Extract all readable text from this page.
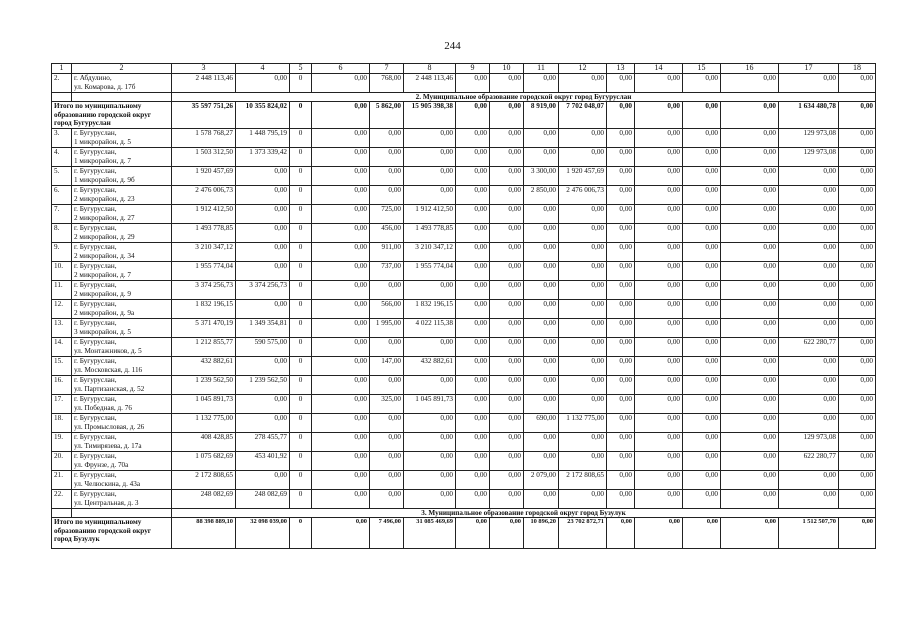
244
1	2	3	4	5	6	7	8	9	10	11	12	13	14	15	16	17	18
2.	г. Абдулино,
ул. Комарова, д. 17б	2 448 113,46	0,00	0	0,00	768,00	2 448 113,46	0,00	0,00	0,00	0,00	0,00	0,00	0,00	0,00	0,00	0,00
		2. Муниципальное образование городской округ город Бугуруслан															
Итого по муниципальному образованию городской округ город Бугуруслан		35 597 751,26	10 355 824,02	0	0,00	5 862,00	15 905 398,38	0,00	0,00	8 919,00	7 702 048,07	0,00	0,00	0,00	0,00	1 634 480,78	0,00
3.	г. Бугуруслан,
1 микрорайон, д. 5	1 578 768,27	1 448 795,19	0	0,00	0,00	0,00	0,00	0,00	0,00	0,00	0,00	0,00	0,00	0,00	129 973,08	0,00
4.	г. Бугуруслан,
1 микрорайон, д. 7	1 503 312,50	1 373 339,42	0	0,00	0,00	0,00	0,00	0,00	0,00	0,00	0,00	0,00	0,00	0,00	129 973,08	0,00
5.	г. Бугуруслан,
1 микрорайон, д. 9б	1 920 457,69	0,00	0	0,00	0,00	0,00	0,00	0,00	3 300,00	1 920 457,69	0,00	0,00	0,00	0,00	0,00	0,00
6.	г. Бугуруслан,
2 микрорайон, д. 23	2 476 006,73	0,00	0	0,00	0,00	0,00	0,00	0,00	2 850,00	2 476 006,73	0,00	0,00	0,00	0,00	0,00	0,00
7.	г. Бугуруслан,
2 микрорайон, д. 27	1 912 412,50	0,00	0	0,00	725,00	1 912 412,50	0,00	0,00	0,00	0,00	0,00	0,00	0,00	0,00	0,00	0,00
8.	г. Бугуруслан,
2 микрорайон, д. 29	1 493 778,85	0,00	0	0,00	456,00	1 493 778,85	0,00	0,00	0,00	0,00	0,00	0,00	0,00	0,00	0,00	0,00
9.	г. Бугуруслан,
2 микрорайон, д. 34	3 210 347,12	0,00	0	0,00	911,00	3 210 347,12	0,00	0,00	0,00	0,00	0,00	0,00	0,00	0,00	0,00	0,00
10.	г. Бугуруслан,
2 микрорайон, д. 7	1 955 774,04	0,00	0	0,00	737,00	1 955 774,04	0,00	0,00	0,00	0,00	0,00	0,00	0,00	0,00	0,00	0,00
11.	г. Бугуруслан,
2 микрорайон, д. 9	3 374 256,73	3 374 256,73	0	0,00	0,00	0,00	0,00	0,00	0,00	0,00	0,00	0,00	0,00	0,00	0,00	0,00
12.	г. Бугуруслан,
2 микрорайон, д. 9а	1 832 196,15	0,00	0	0,00	566,00	1 832 196,15	0,00	0,00	0,00	0,00	0,00	0,00	0,00	0,00	0,00	0,00
13.	г. Бугуруслан,
3 микрорайон, д. 5	5 371 470,19	1 349 354,81	0	0,00	1 995,00	4 022 115,38	0,00	0,00	0,00	0,00	0,00	0,00	0,00	0,00	0,00	0,00
14.	г. Бугуруслан,
ул. Монтажников, д. 5	1 212 855,77	590 575,00	0	0,00	0,00	0,00	0,00	0,00	0,00	0,00	0,00	0,00	0,00	0,00	622 280,77	0,00
15.	г. Бугуруслан,
ул. Московская, д. 116	432 882,61	0,00	0	0,00	147,00	432 882,61	0,00	0,00	0,00	0,00	0,00	0,00	0,00	0,00	0,00	0,00
16.	г. Бугуруслан,
ул. Партизанская, д. 52	1 239 562,50	1 239 562,50	0	0,00	0,00	0,00	0,00	0,00	0,00	0,00	0,00	0,00	0,00	0,00	0,00	0,00
17.	г. Бугуруслан,
ул. Победная, д. 76	1 045 891,73	0,00	0	0,00	325,00	1 045 891,73	0,00	0,00	0,00	0,00	0,00	0,00	0,00	0,00	0,00	0,00
18.	г. Бугуруслан,
ул. Промысловая, д. 26	1 132 775,00	0,00	0	0,00	0,00	0,00	0,00	0,00	690,00	1 132 775,00	0,00	0,00	0,00	0,00	0,00	0,00
19.	г. Бугуруслан,
ул. Тимирязева, д. 17а	408 428,85	278 455,77	0	0,00	0,00	0,00	0,00	0,00	0,00	0,00	0,00	0,00	0,00	0,00	129 973,08	0,00
20.	г. Бугуруслан,
ул. Фрунзе, д. 70а	1 075 682,69	453 401,92	0	0,00	0,00	0,00	0,00	0,00	0,00	0,00	0,00	0,00	0,00	0,00	622 280,77	0,00
21.	г. Бугуруслан,
ул. Челюскина, д. 43а	2 172 808,65	0,00	0	0,00	0,00	0,00	0,00	0,00	2 079,00	2 172 808,65	0,00	0,00	0,00	0,00	0,00	0,00
22.	г. Бугуруслан,
ул. Центральная, д. 3	248 082,69	248 082,69	0	0,00	0,00	0,00	0,00	0,00	0,00	0,00	0,00	0,00	0,00	0,00	0,00	0,00
		3. Муниципальное образование городской округ город Бузулук															
Итого по муниципальному образованию городской округ город Бузулук		88 398 889,10	32 098 039,00	0	0,00	7 496,00	31 085 469,69	0,00	0,00	10 896,20	23 702 872,71	0,00	0,00	0,00	0,00	1 512 507,70	0,00
